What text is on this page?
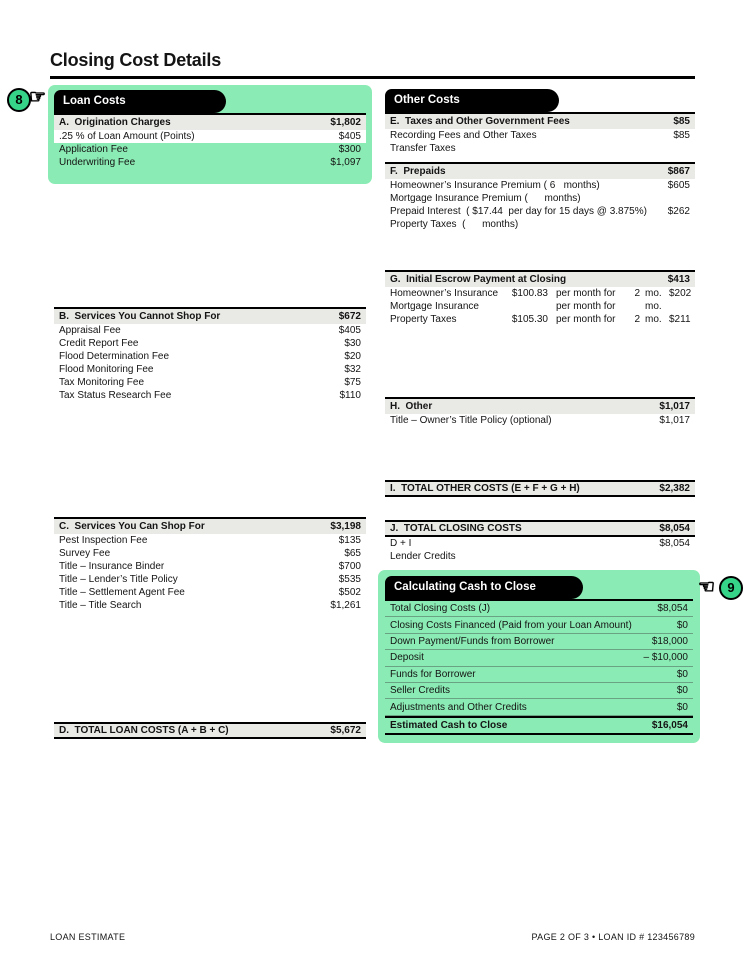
Closing Cost Details
8 ☞	Loan Costs
A.  Origination Charges	$1,802
.25 % of Loan Amount (Points)	$405
Application Fee	$300
Underwriting Fee	$1,097
B.  Services You Cannot Shop For	$672
Appraisal Fee	$405
Credit Report Fee	$30
Flood Determination Fee	$20
Flood Monitoring Fee	$32
Tax Monitoring Fee	$75
Tax Status Research Fee	$110
C.  Services You Can Shop For	$3,198
Pest Inspection Fee	$135
Survey Fee	$65
Title – Insurance Binder	$700
Title – Lender’s Title Policy	$535
Title – Settlement Agent Fee	$502
Title – Title Search	$1,261
D.  TOTAL LOAN COSTS (A + B + C)	$5,672
Other Costs
E.  Taxes and Other Government Fees	$85
Recording Fees and Other Taxes	$85
Transfer Taxes
F.  Prepaids	$867
Homeowner’s Insurance Premium ( 6   months)	$605
Mortgage Insurance Premium (      months)
Prepaid Interest  ( $17.44  per day for 15 days @ 3.875%) $262
Property Taxes  (      months)
G.  Initial Escrow Payment at Closing	$413
Homeowner’s Insurance	$100.83 per month for	2 mo. $202
Mortgage Insurance	per month for	mo.
Property Taxes	$105.30 per month for	2 mo. $211
H.  Other	$1,017
Title – Owner’s Title Policy (optional)	$1,017
I.  TOTAL OTHER COSTS (E + F + G + H)	$2,382
J.  TOTAL CLOSING COSTS	$8,054
D + I	$8,054
Lender Credits
Calculating Cash to Close
Total Closing Costs (J)	$8,054
Closing Costs Financed (Paid from your Loan Amount)	$0
Down Payment/Funds from Borrower	$18,000
Deposit	– $10,000
Funds for Borrower	$0
Seller Credits	$0
Adjustments and Other Credits	$0
Estimated Cash to Close	$16,054
☜ 9
LOAN ESTIMATE	PAGE 2 OF 3 • LOAN ID # 123456789
